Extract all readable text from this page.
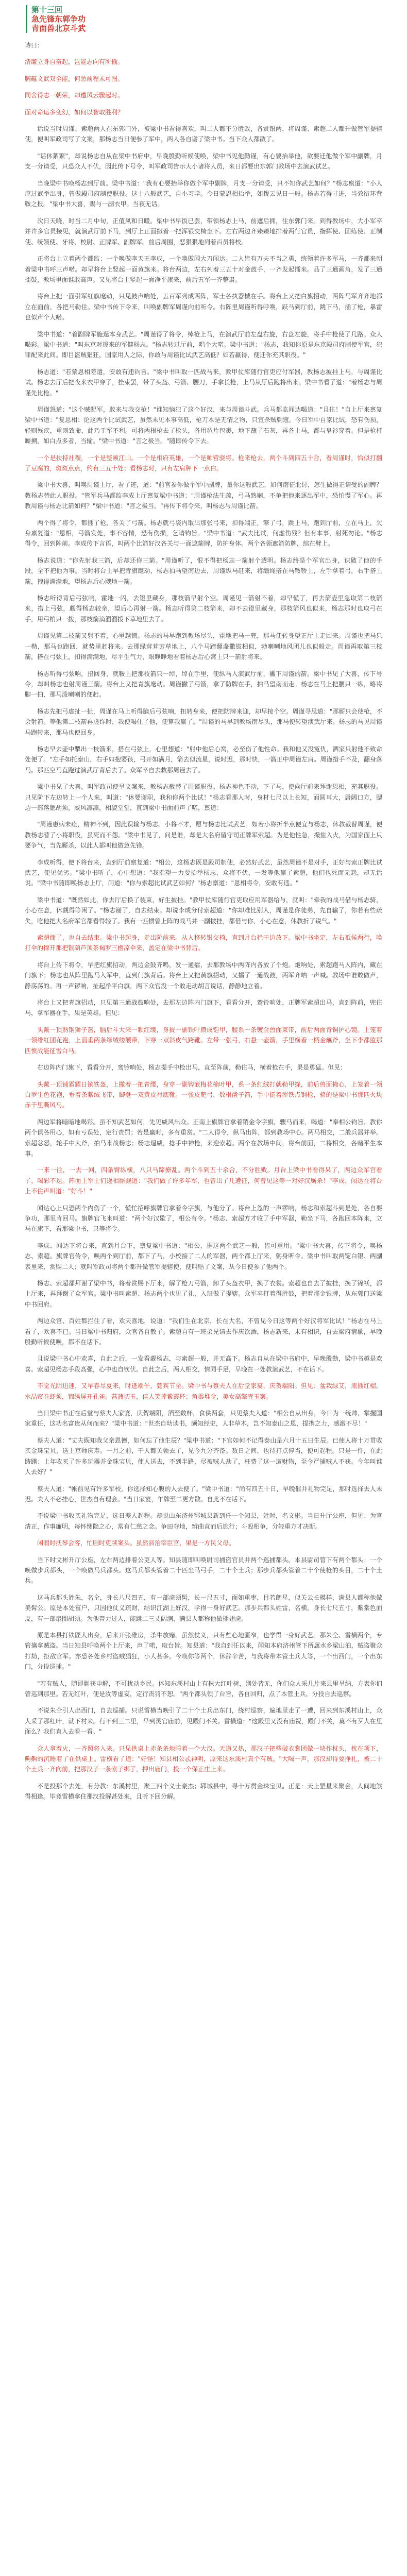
第十三回
急先锋东郭争功
青面兽北京斗武

诗曰：

清廉立身自奋起，岂能志向有所输。

胸蕴文武双全能，何愁前程未可图。

同舍得志一朝荣，却遭风云骤起时。

面对命运多变幻，如何以智取胜利？

话说当时周谨、索超两人在东郭门外，被梁中书看得喜欢，叫二人都不分胜败，各赏银两，将周谨、索超二人都升做管军提辖使，便叫军政司写了文案，那杨志当日便参了军中，两人各自谢了梁中书。当下众人都散了。

"话休絮繁"，却说杨志自从在梁中书府中，早晚殷勤听候使唤，梁中书见他勤谨，有心要抬举他，欲要迁他做个军中副牌，月支一分请受，只恐众人不伏，因此传下号令，叫军政司告示大小诸将人员，来日都要出东郭门教场中去演武试艺。

当晚梁中书唤杨志到厅前。梁中书道："我有心要抬举你做个军中副牌，月支一分请受，只不知你武艺如何？"杨志禀道："小人应过武举出身，曾做殿司府制使职役。这十八般武艺，自小习学。今日蒙恩相抬举，如拨云见日一般。杨志若得寸进，当效衔环背鞍之报。"梁中书大喜，赐与一副衣甲。当夜无话。

次日天晓，时当二月中旬，正值风和日暖。梁中书早饭已罢，带领杨志上马，前遮后拥，往东郭门来。到得教场中，大小军卒并许多官员接见，就演武厅前下马，到厅上正面撒着一把浑银交椅坐下。左右两边齐臻臻地排着两行官员，指挥使、团练使、正制使、统领使、牙将、校尉、正牌军、副牌军。前后周围，恶狠狠地列着百员将校。

正将台上立着两个都监：一个唤做李天王李成，一个唤做闻大刀闻达。二人皆有万夫不当之勇，统领着许多军马，一齐都来朝着梁中书呼三声喏。却早将台上竖起一面黄旗来。将台两边，左右列着三五十对金鼓手，一齐发起擂来。品了三通画角，发了三通擂鼓，教场里面谁敢高声。又见将台上竖起一面净平旗来，前后五军一齐整肃。

将台上把一面引军红旗麾动，只见鼓声响处，五百军列成两阵，军士各执器械在手。将台上又把白旗招动，两阵马军齐齐地都立在面前，各把马勒住。梁中书传下令来，叫唤副牌军周谨向前听令。右阵里周谨听得呼唤，跃马到厅前，跳下马，插了枪，暴雷也似声个大喏。

梁中书道："着副牌军施逞本身武艺。"周谨得了将令，绰枪上马，在演武厅前左盘右旋，右盘左旋，将手中枪使了几路。众人喝彩。梁中书道："叫东京对拨来的军健杨志。"杨志转过厅前，唱个大喏。梁中书道："杨志，我知你原是东京殿司府制使军官，犯罪配来此间。即目盗贼猖狂，国家用人之际，你敢与周谨比试武艺高低？如若赢得，便迁你充其职役。"

杨志道："若蒙恩相差遣，安敢有违钧旨。"梁中书叫取一匹战马来，教甲仗库随行官吏应付军器，教杨志披挂上马，与周谨比试。杨志去厅后把夜来衣甲穿了，拴束罢，带了头盔、弓箭、腰刀，手拿长枪，上马从厅后跑将出来。梁中书看了道："着杨志与周谨先比枪。"

周谨怒道："这个贼配军，敢来与我交枪！"谁知恼犯了这个好汉，来与周谨斗武。兵马都监闻达喝道："且住！"自上厅来禀复梁中书道："复恩相：论这两个比试武艺，虽然未见本事高低，枪刀本是无情之物，只宜杀贼剿寇。今日军中自家比试，恐有伤损，轻则残疾，重则致命，此乃于军不利。可将两根枪去了枪头，各用毡片包裹，地下蘸了石灰，再各上马，都与皂衫穿着。但是枪杆厮搠，如白点多者，当输。"梁中书道："言之极当。"随即传令下去。

一个是扶持社稷，一个是整顿江山。一个是相府英雄，一个是帅营骁将。枪来枪去，两个斗到四五十合，看周谨时，恰似打翻了豆腐的，斑斑点点，约有三五十处；看杨志时，只有左肩胛下一点白。

梁中书大喜，叫唤周谨上厅，看了迹，道："前官参你做个军中副牌，量你这般武艺，如何南征北讨，怎生做得正请受的副牌？教杨志替此人职役。"管军兵马都监李成上厅禀复梁中书道："周谨枪法生疏，弓马熟娴，不争把他来逐出军中，恐怕慢了军心。再教周谨与杨志比箭如何？"梁中书道："言之极当。"再传下将令来，叫杨志与周谨比箭。

两个得了将令，都插了枪，各关了弓箭。杨志就弓袋内取出那张弓来，扣得端正，擎了弓，跳上马，跑到厅前，立在马上，欠身禀复道："恩相，弓箭发处，事不容情，恐有伤损，乞请钧旨。"梁中书道："武夫比试，何虑伤残？但有本事，射死勿论。"杨志得令，回到阵前。李成传下言语，叫两个比箭好汉各关与一面遮箭牌，防护身体。两个各领遮箭防牌，绾在臂上。

杨志说道："你先射我三箭，后却还你三箭。"周谨听了，恨不得把杨志一箭射个透明。杨志终是个军官出身，识破了他的手段，全不把他为事。当时将台上早把青旗麾动，杨志拍马望南边去，周谨纵马赶来，将缰绳搭在马鞍鞒上，左手拿着弓，右手搭上箭，拽得满满地，望杨志后心飕地一箭。

杨志听得背后弓弦响，霍地一闪，去镫里藏身，那枝箭早射个空。周谨见一箭射不着，却早慌了，再去箭壶里急取第二枝箭来，搭上弓弦，觑得杨志较亲，望后心再射一箭。杨志听得第二枝箭来，却不去镫里藏身，那枝箭风也似来，杨志那时也取弓在手，用弓梢只一拨，那枝箭滴溜溜拨下草地里去了。

周谨见第二枝箭又射不着，心里越慌。杨志的马早跑到教场尽头，霍地把马一兜，那马便转身望正厅上走回来。周谨也把马只一勒，那马也跑回，就势里赶将来。去那绿茸茸芳草地上，八个马蹄翻盏撒钹相似，勃喇喇地风团儿也似般走。周谨再取第三枝箭，搭在弓弦上，扣得满满地，尽平生气力，眼睁睁地看着杨志后心窝上只一箭射将来。

杨志听得弓弦响，扭回身，就鞍上把那枝箭只一绰，绰在手里，便纵马入演武厅前，撇下周谨的箭。梁中书见了大喜，传下号令，却叫杨志也射周谨三箭。将台上又把青旗麾动。周谨撇了弓箭，拿了防牌在手，拍马望南而走。杨志在马上把腰只一纵，略将脚一拍，那马泼喇喇的便赶。

杨志先把弓虚扯一扯，周谨在马上听得脑后弓弦响，扭转身来，便把防牌来迎，却早接个空。周谨寻思道："那厮只会使枪，不会射箭。等他第二枝箭再虚诈时，我便喝住了他，便算我赢了。"周谨的马早到教场南尽头，那马便转望演武厅来。杨志的马见周谨马跑转来，那马也便回身。

杨志早去壶中掣出一枝箭来，搭在弓弦上，心里想道："射中他后心窝，必至伤了他性命。我和他又没冤仇，洒家只射他不致命处便了。"左手如托泰山，右手如抱婴孩，弓开如满月，箭去似流星，说时迟，那时快，一箭正中周谨左肩。周谨措手不及，翻身落马。那匹空马直跑过演武厅背后去了。众军卒自去救那周谨去了。

梁中书见了大喜，叫军政司便呈文案来，教杨志截替了周谨职役。杨志神色不动，下了马，便向厅前来拜谢恩相，充其职役。只见阶下左边转上一个人来，叫道："休要谢职，我和你两个比试！"杨志看那人时，身材七尺以上长短，面圆耳大，唇阔口方，腮边一部落腮胡须，威风凛凛，相貌堂堂，直到梁中书面前声了喏，禀道：

"周谨患病未痊，精神不到，因此误输与杨志。小将不才，愿与杨志比试武艺。如若小将折半点便宜与杨志，休教截替周谨，便教杨志替了小将职役，虽死而不怨。"梁中书见了，问是谁，却是大名府留守司正牌军索超。为是他性急，撮盐入火，为国家面上只要争气，当先厮杀，以此人都叫他做急先锋。

李成听得，便下将台来，直到厅前禀复道："相公，这杨志既是殿司制使，必然好武艺，虽然周谨不是对手，正好与索正牌比试武艺，便见优劣。"梁中书听了，心中想道："我指望一力要抬举杨志，众将不伏，一发等他赢了索超，他们也死而无怨，却无话说。"梁中书随即唤杨志上厅，问道："你与索超比试武艺如何？"杨志禀道："恩相将令，安敢有违。"

梁中书道："既然如此，你去厅后换了装束，好生披挂。"教甲仗库随行官吏取应用军器给与，就叫："牵我的战马借与杨志骑，小心在意，休觑得等闲了。"杨志谢了，自去结束。却说李成分付索超道："你却难比别人，周谨是你徒弟，先自输了，你若有些疏失，吃他把大名府军官都看得轻了。我有一匹惯曾上阵的战马并一副披挂，都借与你，小心在意，休教折了锐气。"

索超谢了，也自去结束。梁中书起身，走出阶前来。从人移转银交椅，直到月台栏干边放下。梁中书坐定，左右祗候两行，唤打伞的撑开那把银葫芦顶茶褐罗三檐凉伞来，盖定在梁中书背后。

将台上传下将令，早把红旗招动，两边金鼓齐鸣，发一通擂，去那教场中两阵内各放了个炮。炮响处，索超跑马入阵内，藏在门旗下；杨志也从阵里跑马入军中，直到门旗背后。将台上又把黄旗招动，又擂了一通战鼓，两军齐呐一声喊。教场中谁敢做声，静荡荡的。再一声锣响，扯起净平白旗，两下众官没一个敢走动胡言说话，静静地立着。

将台上又把青旗招动，只见第三通战鼓响处，去那左边阵内门旗下，看看分开，鸾铃响处，正牌军索超出马，直到阵前，兜住马，拿军器在手，果是英雄。但见：

头戴一顶熟钢狮子盔，脑后斗大来一颗红缨，身披一副铁叶攒成铠甲，腰系一条镀金兽面束带，前后两面青铜护心镜。上笼着一领绯红团花袍，上面垂两条绿绒缕颔带，下穿一双斜皮气跨靴。左带一张弓，右悬一壶箭，手里横着一柄金蘸斧，坐下李都监那匹惯战能征雪白马。

右边阵内门旗下，看看分开，鸾铃响处，杨志提手中枪出马，直至阵前，勒住马，横着枪在手，果是勇猛。但见：

头戴一顶铺霜耀日镔铁盔，上撒着一把青缨，身穿一副钩嵌梅花榆叶甲，系一条红绒打就勒甲绦，前后兽面掩心，上笼着一领白罗生色花袍，垂着条紫绒飞带，脚登一双黄皮衬底靴。一张皮靶弓，数根凿子箭，手中挺着浑铁点钢枪，骑的是梁中书那匹火块赤千里嘶风马。

两边军将暗暗地喝彩。虽不知武艺如何，先见威风出众。正南上旗牌官拿着销金令字旗，骤马而来，喝道："奉相公钧旨，教你两个俱各用心，如有亏误处，定行责罚；若是赢时，多有重赏。"二人得令，纵马出阵，都到教场中心。两马相交，二般兵器并举。索超忿怒，轮手中大斧，拍马来战杨志；杨志逞威，捻手中神枪，来迎索超。两个在教场中间，将台前面，二将相交，各赌平生本事。

一来一往，一去一回，四条臂纵横，八只马蹄撩乱。两个斗到五十余合，不分胜败。月台上梁中书看得呆了，两边众军官看了，喝彩不迭。阵面上军士们递相厮觑道："我们做了许多年军，也曾出了几遭征，何曾见这等一对好汉厮杀！"李成、闻达在将台上不住声叫道："好斗！"

闻达心上只恐两个内伤了一个，慌忙招呼旗牌官拿着令字旗，与他分了。将台上忽的一声锣响，杨志和索超斗到是处，各自要争功，那里肯回马。旗牌官飞来叫道："两个好汉歇了，相公有令。"杨志、索超方才收了手中军器，勒坐下马，各跑回本阵来，立马在旗下，看那梁中书，只等将令。

李成、闻达下将台来，直到月台下，禀复梁中书道："相公，据这两个武艺一般，皆可重用。"梁中书大喜，传下将令，唤杨志、索超。旗牌官传令，唤两个到厅前，都下了马，小校接了二人的军器，两个都上厅来，躬身听令。梁中书叫取两锭白银、两副表里来，赏赐二人；就叫军政司将两个都升做管军提辖使，便叫贴了文案，从今日便参了他两个。

杨志、索超都拜谢了梁中书，将着赏赐下厅来，解了枪刀弓箭，卸了头盔衣甲，换了衣裳。索超也自去了披挂，换了锦袄，都上厅来，再拜谢了众军官。梁中书叫索超、杨志两个也见了礼，入班做了提辖。众军卒打着得胜鼓，把着那金银牌，从东郭门送梁中书回府。

两边众官、百姓都拦住了看，欢天喜地，说道："我们生在北京，长在大名，不曾见今日这等两个好汉将军比试！"杨志在马上看了，欢喜不已。当日梁中书归府，众官各自散了。索超自有一班弟兄请去作庆饮酒，杨志新来，未有相识，自去梁府宿歇，早晚殷勤听候使唤，都不在话下。

且说梁中书心中欢喜，自此之后，一发看觑杨志，与索超一般，并无高下。杨志自从在梁中书府中，早晚殷勤，梁中书越是欢喜。索超见杨志手段高强，心中也自钦伏。自此之后，两人相交，情同手足，早晚在一处教演武艺，不在话下。

不觉光阴迅速，又早春尽夏来，时逢端午，蕤宾节至。梁中书与蔡夫人在后堂家宴，庆贺端阳。但见：盆栽绿艾，瓶插红榴。水晶帘卷虾须，锦绣屏开孔雀。菖蒲切玉，佳人笑捧紫霞杯；角黍堆金，美女高擎青玉案。

当日梁中书正在后堂与蔡夫人家宴，庆贺端阳，酒至数杯，食供两套，只见蔡夫人道："相公自从出身，今日为一统帅，掌握国家重任，这功名富贵从何而来？"梁中书道："世杰自幼读书，颇知经史，人非草木，岂不知泰山之恩，提携之力，感激不尽！"

蔡夫人道："丈夫既知我父亲恩德，如何忘了他生辰？"梁中书道："下官如何不记得泰山是六月十五日生辰。已使人将十万贯收买金珠宝贝，送上京师庆寿。一月之前，干人都关领去了，见今九分齐备。数日之间，也待打点停当，便可起程。只是一件，在此踌躇：上年收买了许多玩器并金珠宝贝，使人送去，不到半路，尽被贼人劫了，枉费了这一遭财物，至今严捕贼人不获。今年叫谁人去好？"

蔡夫人道："帐前见有许多军校，你选择知心腹的人去便了。"梁中书道："尚有四五十日，早晚催并礼物完足，那时选择去人未迟。夫人不必挂心，世杰自有理会。"当日家宴，午牌至二更方散。自此不在话下。

不说梁中书收买礼物完足，选日差人起程。却说山东济州郓城县新到任一个知县，姓时，名文彬。当日升厅公座，但见：为官清正，作事廉明，每怀恻隐之心，常有仁慈之念。争田夺地，辨曲直而后施行；斗殴相争，分轻重方才决断。

闲暇时抚琴会客，忙剧时吏牍案头。虽然县治宰臣官，果是一方民父母。

当下时文彬升厅公座，左右两边排着公吏人等。知县随即叫唤尉司捕盗官员并两个巡捕都头。本县尉司管下有两个都头：一个唤做步兵都头，一个唤做马兵都头。这马兵都头管着二十匹坐马弓手，二十个土兵；那步兵都头管着二十个使枪的头目，二十个土兵。

这马兵都头姓朱，名仝，身长八尺四五，有一部虎须髯，长一尺五寸，面如重枣，目若朗星，似关云长模样，满县人都称他做美髯公。原是本处富户，只因他仗义疏财，结识江湖上好汉，学得一身好武艺。那步兵都头姓雷，名横，身长七尺五寸，紫棠色面皮，有一部扇圈胡须。为他膂力过人，能跳二三丈阔涧，满县人都称他做插翅虎。

原是本县打铁匠人出身，后来开张碓房，杀牛放赌。虽然仗义，只有些心地匾窄，也学得一身好武艺。那朱仝、雷横两个，专管擒拿贼盗。当日知县呼唤两个上厅来，声了喏，取台旨。知县道："我自到任以来，闻知本府济州管下所属水乡梁山泊，贼盗聚众打劫，拒敌官军。亦恐各处乡村盗贼猖狂，小人甚多。今唤你等两个，休辞辛苦，与我将带本管土兵人等，一个出西门，一个出东门，分投巡捕。"

"若有贼人，随即剿获申解，不可扰动乡民。体知东溪村山上有株大红叶树，别处皆无，你们众人采几片来县里呈纳，方表你们曾巡到那里。若无红叶，便是汝等虚妄，定行责罚不恕。"两个都头领了台旨，各自回归，点了本管土兵，分投自去巡察。

不说朱仝引人出西门，自去巡捕。只说雷横当晚引了二十个土兵出东门，绕村巡察，遍地里走了一遭，回来到东溪村山上，众人采了那红叶，就下村来。行不到三二里，早到灵官庙前，见殿门不关。雷横道："这殿里又没有庙祝，殿门不关，莫不有歹人在里面么？我们直入去看一看。"

众人拿着火，一齐照将入来。只见供桌上赤条条地睡着一个大汉。天道又热，那汉子把些破衣裳团做一块作枕头，枕在项下，齁齁的沉睡着了在供桌上。雷横看了道："好怪！知县相公忒神明，原来这东溪村真个有贼。"大喝一声，那汉却待要挣扎，被二十个土兵一齐向前，把那汉子一条索子绑了，押出庙门，投一个保正庄上来。

不是投那个去处，有分教：东溪村里，聚三四个义士豪杰；郓城县中，寻十万贯金珠宝贝。正是：天上罡星来聚会，人间地煞得相逢。毕竟雷横拿住那汉投解甚处来，且听下回分解。
